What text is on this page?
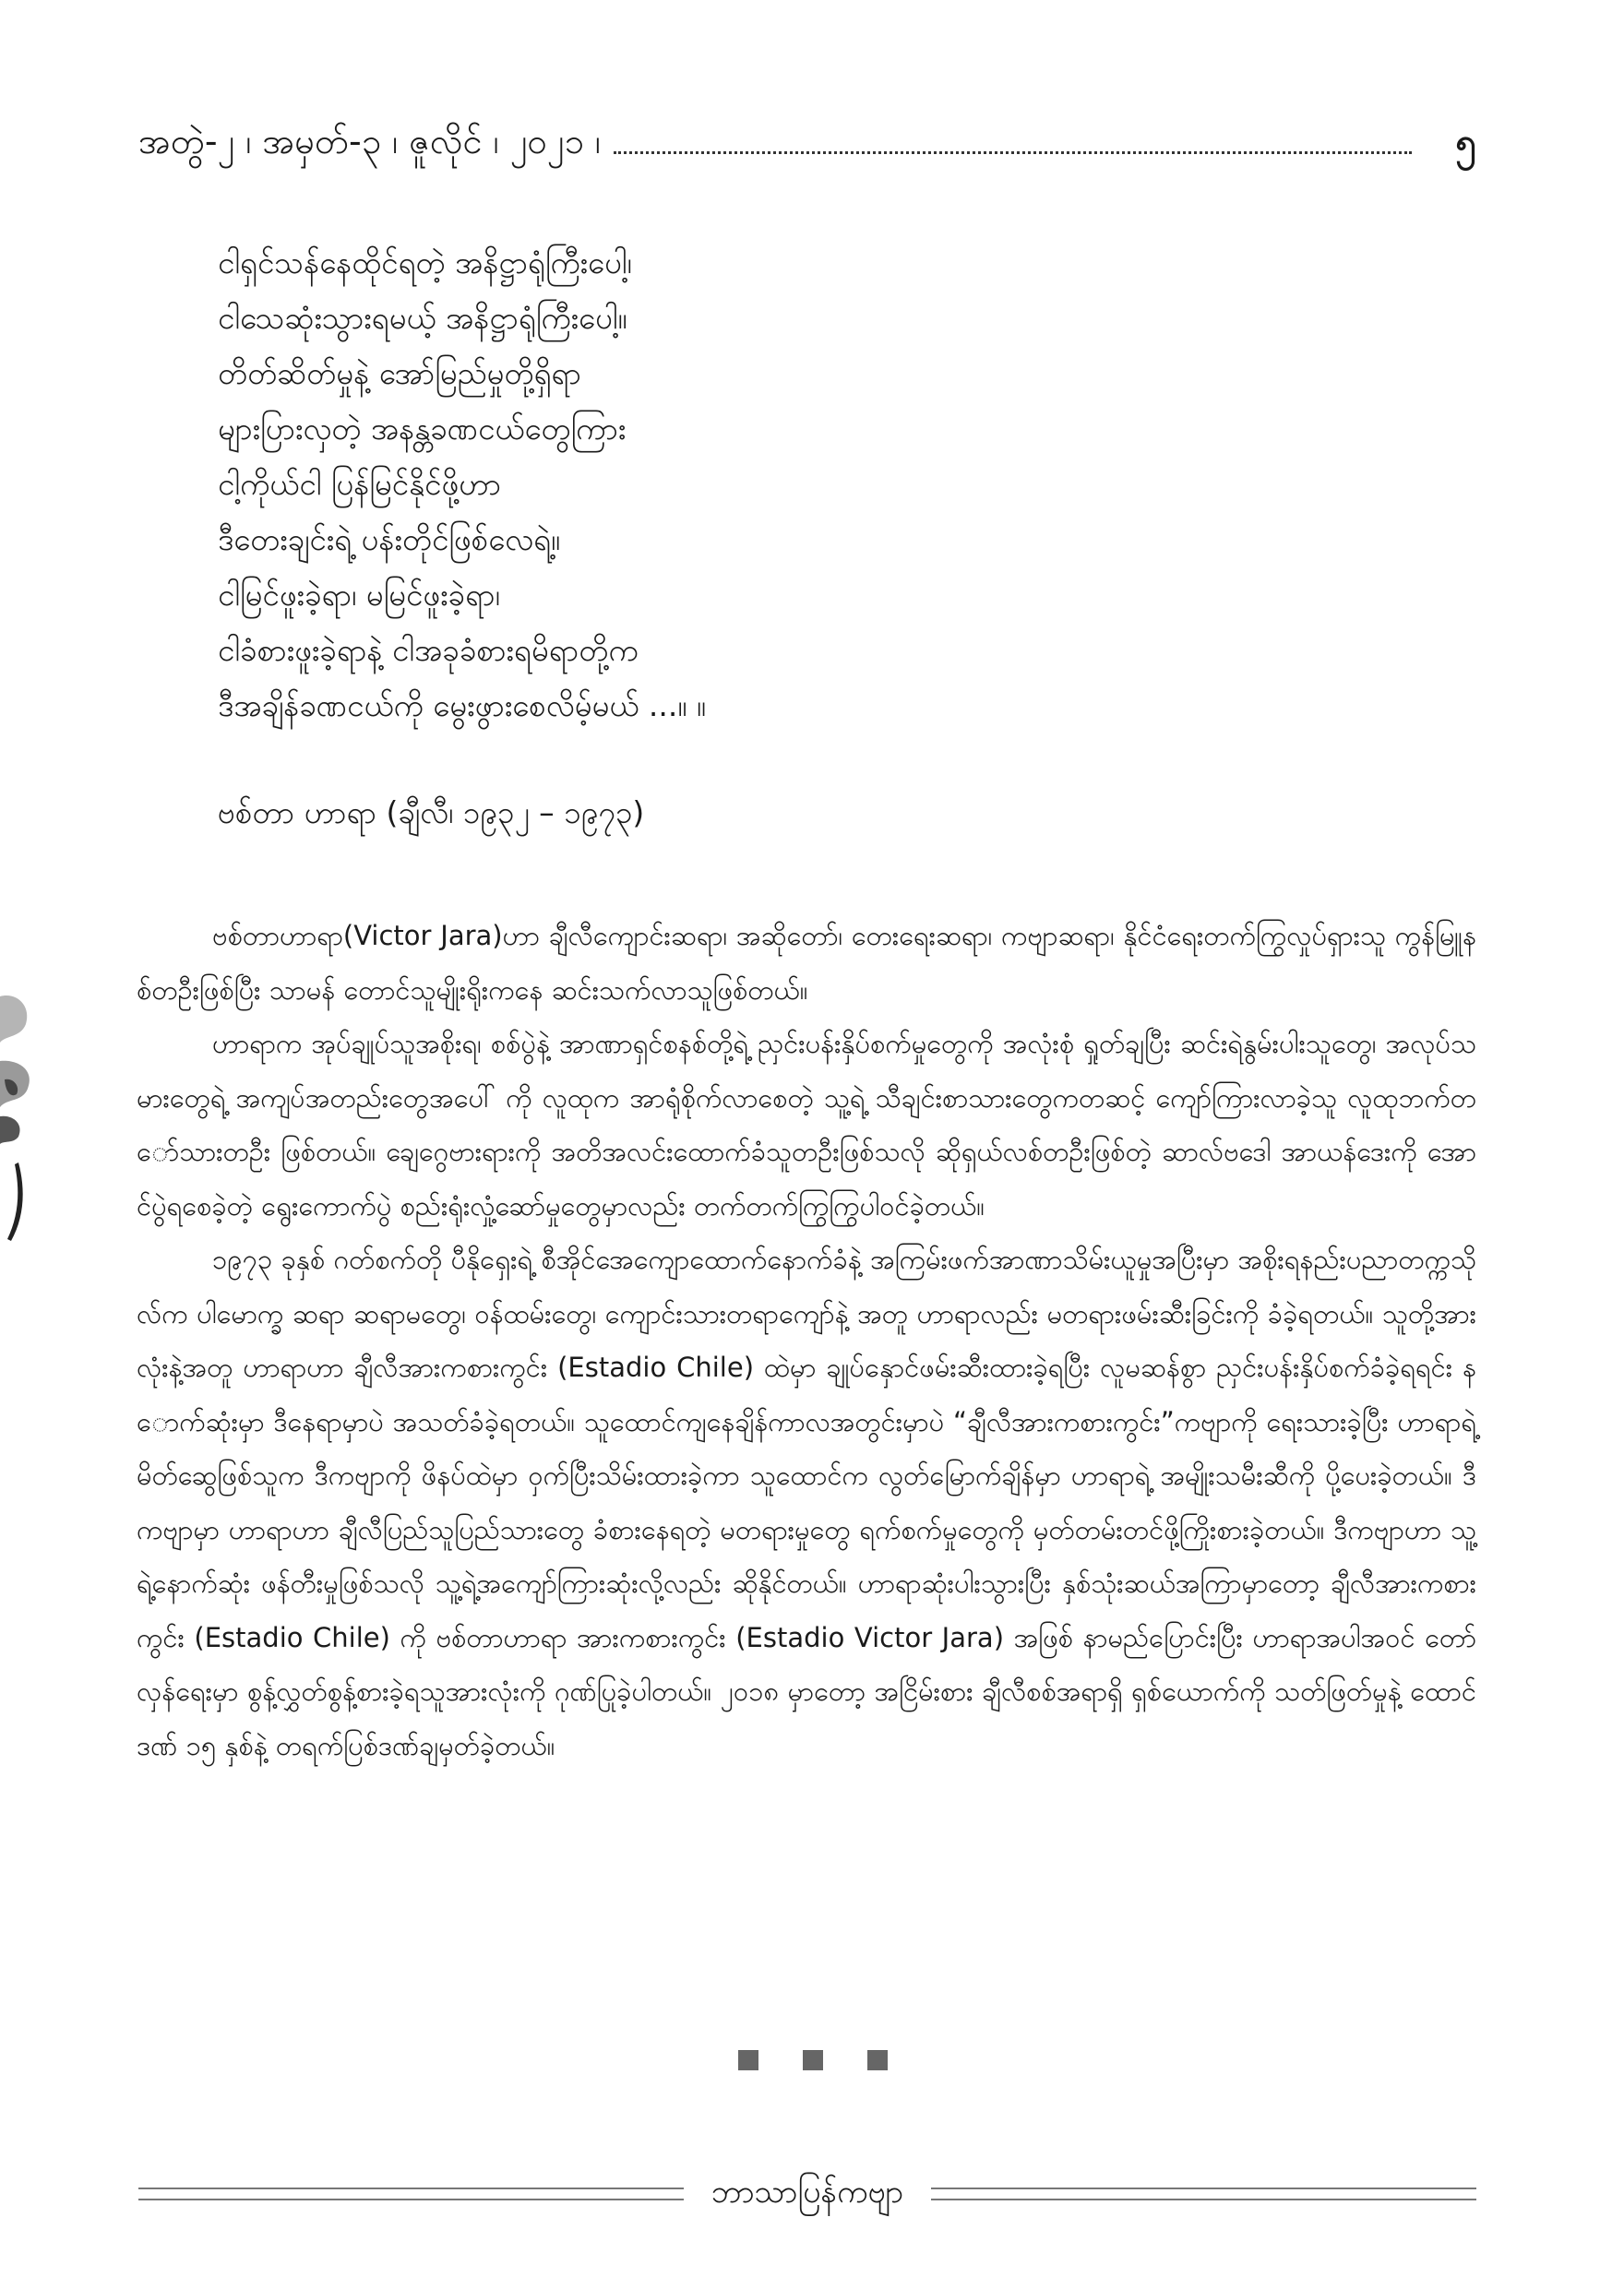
အတွဲ-၂ ၊ အမှတ်-၃ ၊ ဇူလိုင် ၊ ၂၀၂၁ ၊	၅
ငါရှင်သန်နေထိုင်ရတဲ့ အနိဋ္ဌာရုံကြီးပေါ့၊
ငါသေဆုံးသွားရမယ့် အနိဋ္ဌာရုံကြီးပေါ့။
တိတ်ဆိတ်မှုနဲ့ အော်မြည်မှုတို့ရှိရာ
များပြားလှတဲ့ အနန္တခဏငယ်တွေကြား
ငါ့ကိုယ်ငါ ပြန်မြင်နိုင်ဖို့ဟာ
ဒီတေးချင်းရဲ့ ပန်းတိုင်ဖြစ်လေရဲ့။
ငါမြင်ဖူးခဲ့ရာ၊ မမြင်ဖူးခဲ့ရာ၊
ငါခံစားဖူးခဲ့ရာနဲ့ ငါအခုခံစားရမိရာတို့က
ဒီအချိန်ခဏငယ်ကို မွေးဖွားစေလိမ့်မယ် ...။ ။
ဗစ်တာ ဟာရာ (ချီလီ၊ ၁၉၃၂ – ၁၉၇၃)

ဗစ်တာဟာရာ(Victor Jara)ဟာ ချီလီကျောင်းဆရာ၊ အဆိုတော်၊ တေးရေးဆရာ၊ ကဗျာဆရာ၊ နိုင်ငံရေးတက်ကြွလှုပ်ရှားသူ ကွန်မြူနစ်တဦးဖြစ်ပြီး သာမန် တောင်သူမျိုးရိုးကနေ ဆင်းသက်လာသူဖြစ်တယ်။

ဟာရာက အုပ်ချုပ်သူအစိုးရ၊ စစ်ပွဲနဲ့ အာဏာရှင်စနစ်တို့ရဲ့ ညှင်းပန်းနှိပ်စက်မှုတွေကို အလုံးစုံ ရှုတ်ချပြီး ဆင်းရဲနွမ်းပါးသူတွေ၊ အလုပ်သမားတွေရဲ့ အကျပ်အတည်းတွေအပေါ် ကို လူထုက အာရုံစိုက်လာစေတဲ့ သူ့ရဲ့ သီချင်းစာသားတွေကတဆင့် ကျော်ကြားလာခဲ့သူ လူထုဘက်တော်သားတဦး ဖြစ်တယ်။ ချေဂွေဗားရားကို အတိအလင်းထောက်ခံသူတဦးဖြစ်သလို ဆိုရှယ်လစ်တဦးဖြစ်တဲ့ ဆာလ်ဗဒေါ အာယန်ဒေးကို အောင်ပွဲရစေခဲ့တဲ့ ရွေးကောက်ပွဲ စည်းရုံးလှုံ့ဆော်မှုတွေမှာလည်း တက်တက်ကြွကြွပါဝင်ခဲ့တယ်။

၁၉၇၃ ခုနှစ် ဂတ်စက်တို ပီနိုရှေးရဲ့ စီအိုင်အေကျောထောက်နောက်ခံနဲ့ အကြမ်းဖက်အာဏာသိမ်းယူမှုအပြီးမှာ အစိုးရနည်းပညာတက္ကသိုလ်က ပါမောက္ခ ဆရာ ဆရာမတွေ၊ ဝန်ထမ်းတွေ၊ ကျောင်းသားတရာကျော်နဲ့ အတူ ဟာရာလည်း မတရားဖမ်းဆီးခြင်းကို ခံခဲ့ရတယ်။ သူတို့အားလုံးနဲ့အတူ ဟာရာဟာ ချီလီအားကစားကွင်း (Estadio Chile) ထဲမှာ ချုပ်နှောင်ဖမ်းဆီးထားခဲ့ရပြီး လူမဆန်စွာ ညှင်းပန်းနှိပ်စက်ခံခဲ့ရရင်း နောက်ဆုံးမှာ ဒီနေရာမှာပဲ အသတ်ခံခဲ့ရတယ်။ သူထောင်ကျနေချိန်ကာလအတွင်းမှာပဲ “ချီလီအားကစားကွင်း”ကဗျာကို ရေးသားခဲ့ပြီး ဟာရာရဲ့မိတ်ဆွေဖြစ်သူက ဒီကဗျာကို ဖိနပ်ထဲမှာ ဝှက်ပြီးသိမ်းထားခဲ့ကာ သူထောင်က လွတ်မြောက်ချိန်မှာ ဟာရာရဲ့ အမျိုးသမီးဆီကို ပို့ပေးခဲ့တယ်။ ဒီကဗျာမှာ ဟာရာဟာ ချီလီပြည်သူပြည်သားတွေ ခံစားနေရတဲ့ မတရားမှုတွေ ရက်စက်မှုတွေကို မှတ်တမ်းတင်ဖို့ကြိုးစားခဲ့တယ်။ ဒီကဗျာဟာ သူ့ရဲ့နောက်ဆုံး ဖန်တီးမှုဖြစ်သလို သူ့ရဲ့အကျော်ကြားဆုံးလို့လည်း ဆိုနိုင်တယ်။ ဟာရာဆုံးပါးသွားပြီး နှစ်သုံးဆယ်အကြာမှာတော့ ချီလီအားကစားကွင်း (Estadio Chile) ကို ဗစ်တာဟာရာ အားကစားကွင်း (Estadio Victor Jara) အဖြစ် နာမည်ပြောင်းပြီး ဟာရာအပါအဝင် တော်လှန်ရေးမှာ စွန့်လွှတ်စွန့်စားခဲ့ရသူအားလုံးကို ဂုဏ်ပြုခဲ့ပါတယ်။ ၂၀၁၈ မှာတော့ အငြိမ်းစား ချီလီစစ်အရာရှိ ရှစ်ယောက်ကို သတ်ဖြတ်မှုနဲ့ ထောင်ဒဏ် ၁၅ နှစ်နဲ့ တရက်ပြစ်ဒဏ်ချမှတ်ခဲ့တယ်။

ဘာသာပြန်ကဗျာ
